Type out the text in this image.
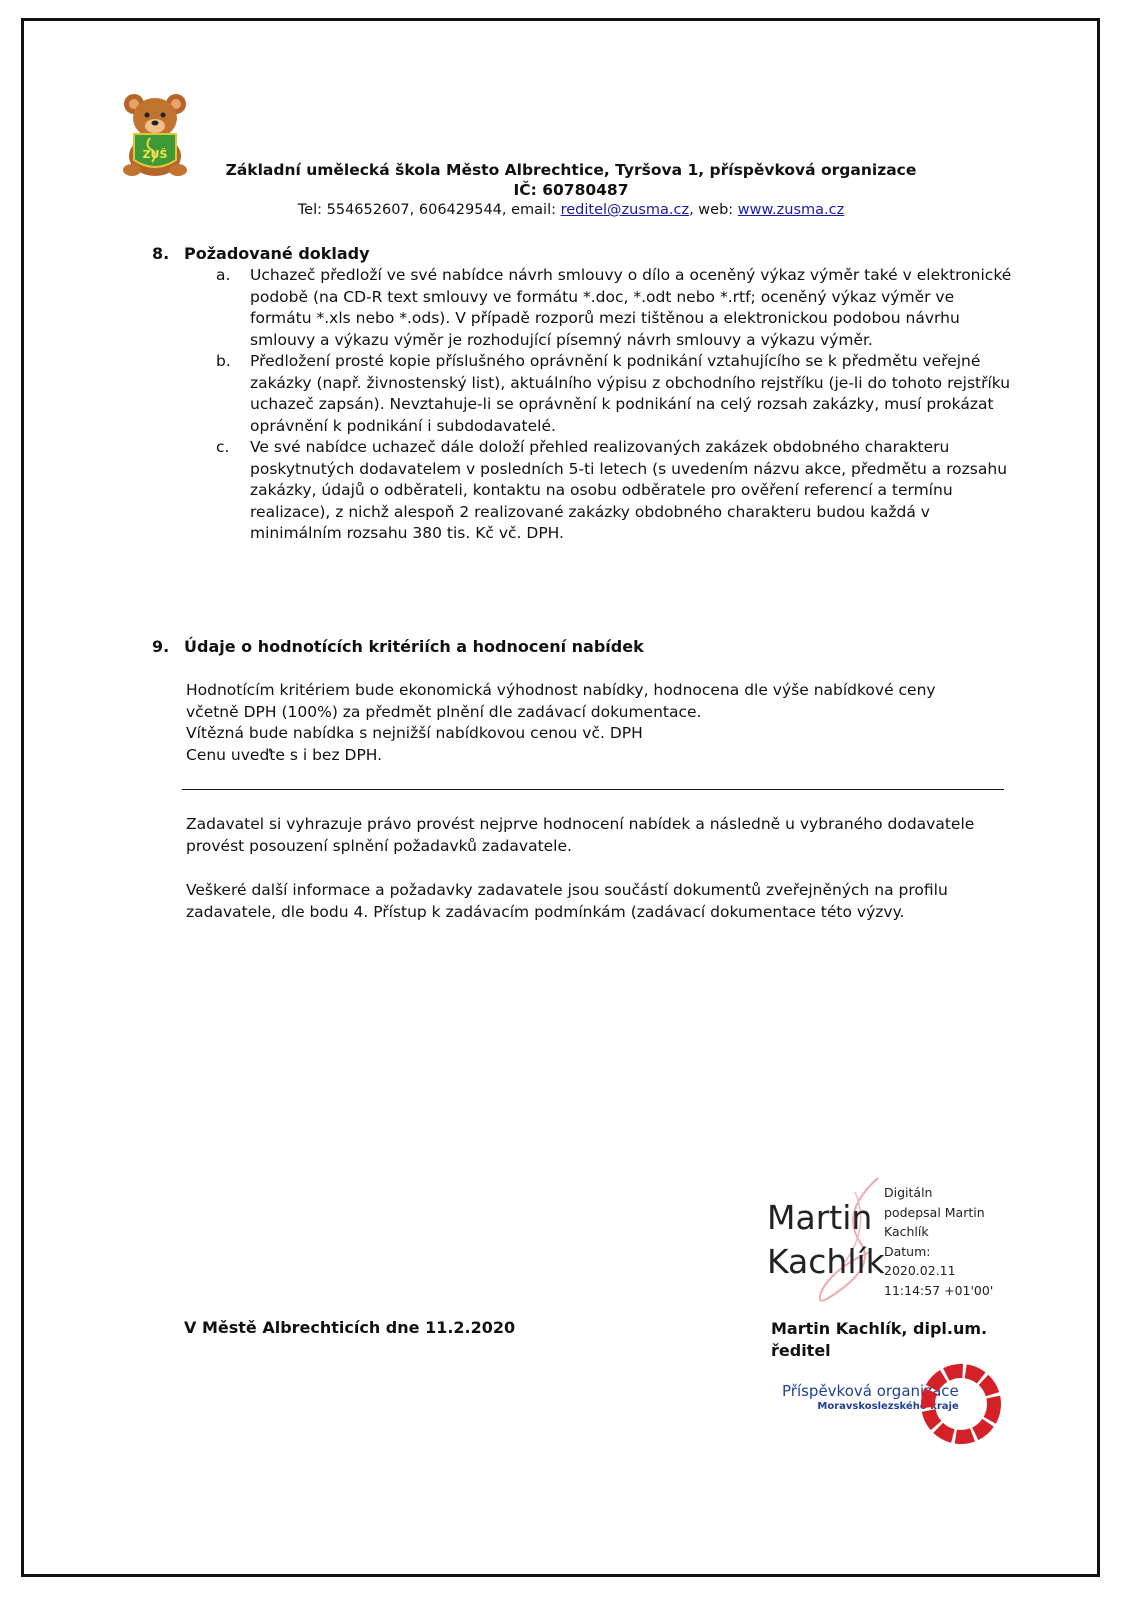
ZUŠ
Základní umělecká škola Město Albrechtice, Tyršova 1, příspěvková organizace
IČ: 60780487
Tel: 554652607, 606429544, email: reditel@zusma.cz, web: www.zusma.cz
8. Požadované doklady
a. Uchazeč předloží ve své nabídce návrh smlouvy o dílo a oceněný výkaz výměr také v elektronické podobě (na CD-R text smlouvy ve formátu *.doc, *.odt nebo *.rtf; oceněný výkaz výměr ve formátu *.xls nebo *.ods). V případě rozporů mezi tištěnou a elektronickou podobou návrhu smlouvy a výkazu výměr je rozhodující písemný návrh smlouvy a výkazu výměr.
b. Předložení prosté kopie příslušného oprávnění k podnikání vztahujícího se k předmětu veřejné zakázky (např. živnostenský list), aktuálního výpisu z obchodního rejstříku (je-li do tohoto rejstříku uchazeč zapsán). Nevztahuje-li se oprávnění k podnikání na celý rozsah zakázky, musí prokázat oprávnění k podnikání i subdodavatelé.
c. Ve své nabídce uchazeč dále doloží přehled realizovaných zakázek obdobného charakteru poskytnutých dodavatelem v posledních 5-ti letech (s uvedením názvu akce, předmětu a rozsahu zakázky, údajů o odběrateli, kontaktu na osobu odběratele pro ověření referencí a termínu realizace), z nichž alespoň 2 realizované zakázky obdobného charakteru budou každá v minimálním rozsahu 380 tis. Kč vč. DPH.
9. Údaje o hodnotících kritériích a hodnocení nabídek
Hodnotícím kritériem bude ekonomická výhodnost nabídky, hodnocena dle výše nabídkové ceny
včetně DPH (100%) za předmět plnění dle zadávací dokumentace.
Vítězná bude nabídka s nejnižší nabídkovou cenou vč. DPH
Cenu uveďte s i bez DPH.
Zadavatel si vyhrazuje právo provést nejprve hodnocení nabídek a následně u vybraného dodavatele provést posouzení splnění požadavků zadavatele.
Veškeré další informace a požadavky zadavatele jsou součástí dokumentů zveřejněných na profilu zadavatele, dle bodu 4. Přístup k zadávacím podmínkám (zadávací dokumentace této výzvy.
Martin
Kachlík
Digitáln
podepsal Martin
Kachlík
Datum:
2020.02.11
11:14:57 +01'00'
V Městě Albrechticích dne 11.2.2020	Martin Kachlík, dipl.um.
ředitel
Příspěvková organizace
Moravskoslezského kraje
